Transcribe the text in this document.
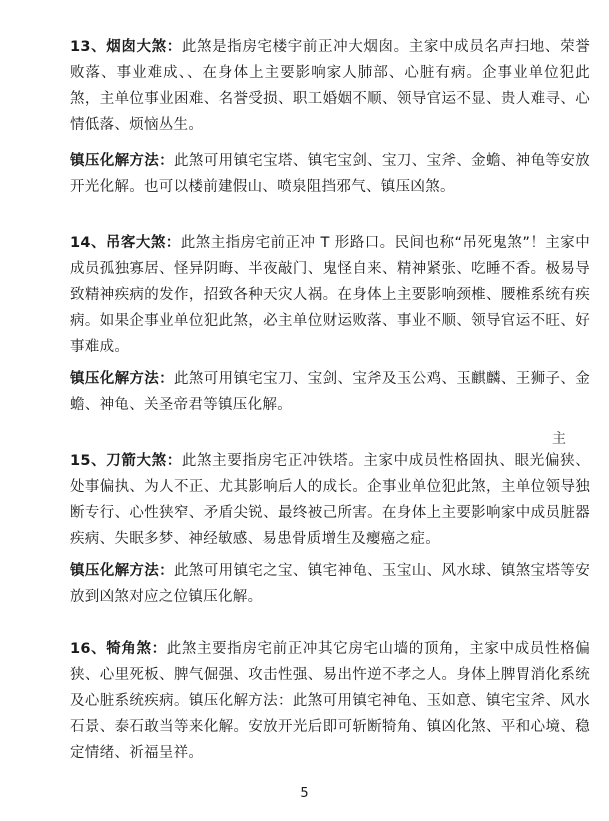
13、烟囱大煞：此煞是指房宅楼宇前正冲大烟囱。主家中成员名声扫地、荣誉败落、事业难成、、在身体上主要影响家人肺部、心脏有病。企事业单位犯此煞，主单位事业困难、名誉受损、职工婚姻不顺、领导官运不显、贵人难寻、心情低落、烦恼丛生。

镇压化解方法：此煞可用镇宅宝塔、镇宅宝剑、宝刀、宝斧、金蟾、神龟等安放开光化解。也可以楼前建假山、喷泉阻挡邪气、镇压凶煞。

14、吊客大煞：此煞主指房宅前正冲 T 形路口。民间也称“吊死鬼煞”！主家中成员孤独寡居、怪异阴晦、半夜敲门、鬼怪自来、精神紧张、吃睡不香。极易导致精神疾病的发作，招致各种天灾人祸。在身体上主要影响颈椎、腰椎系统有疾病。如果企事业单位犯此煞，必主单位财运败落、事业不顺、领导官运不旺、好事难成。

镇压化解方法：此煞可用镇宅宝刀、宝剑、宝斧及玉公鸡、玉麒麟、王狮子、金蟾、神龟、关圣帝君等镇压化解。

主

15、刀箭大煞：此煞主要指房宅正冲铁塔。主家中成员性格固执、眼光偏狭、处事偏执、为人不正、尤其影响后人的成长。企事业单位犯此煞，主单位领导独断专行、心性狭窄、矛盾尖锐、最终被己所害。在身体上主要影响家中成员脏器疾病、失眠多梦、神经敏感、易患骨质增生及瘿癌之症。

镇压化解方法：此煞可用镇宅之宝、镇宅神龟、玉宝山、风水球、镇煞宝塔等安放到凶煞对应之位镇压化解。

16、犄角煞：此煞主要指房宅前正冲其它房宅山墙的顶角，主家中成员性格偏狭、心里死板、脾气倔强、攻击性强、易出忤逆不孝之人。身体上脾胃消化系统及心脏系统疾病。镇压化解方法：此煞可用镇宅神龟、玉如意、镇宅宝斧、风水石景、泰石敢当等来化解。安放开光后即可斩断犄角、镇凶化煞、平和心境、稳定情绪、祈福呈祥。

5
